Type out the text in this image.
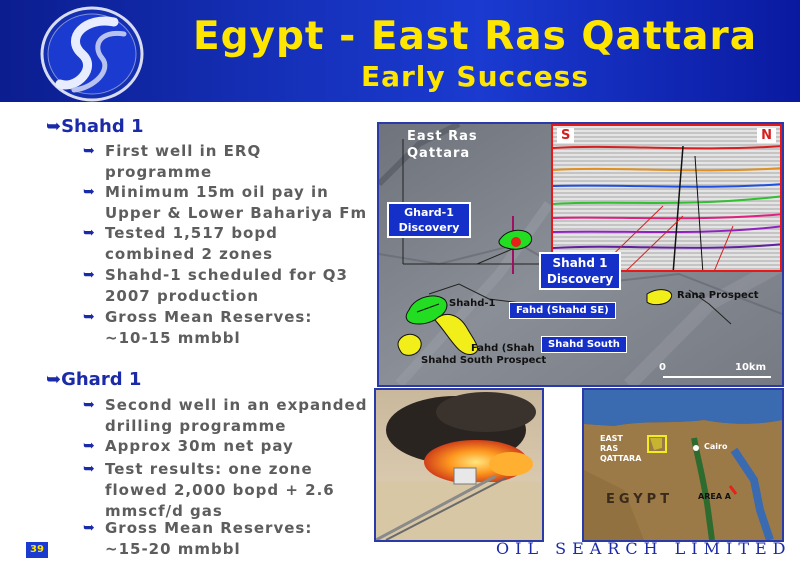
Egypt - East Ras Qattara
Early Success
➥Shahd 1
➥ First well in ERQ
programme
➥ Minimum 15m oil pay in
Upper & Lower Bahariya Fm
➥ Tested 1,517 bopd
combined 2 zones
➥ Shahd-1 scheduled for Q3
2007 production
➥ Gross Mean Reserves:
~10-15 mmbbl
➥Ghard 1
➥ Second well in an expanded
drilling programme
➥ Approx 30m net pay
➥ Test results: one zone
flowed 2,000 bopd + 2.6
mmscf/d gas
➥ Gross Mean Reserves:
~15-20 mmbbl
S	N
East Ras
Qattara
Ghard-1
Discovery
Shahd 1
Discovery
Fahd (Shahd SE)
Shahd South
Shahd-1
Fahd (Shah
Shahd South Prospect
Rana Prospect
0	10km
EAST
RAS
QATTARA
Cairo
EGYPT	AREA A
39	OIL SEARCH LIMITED
